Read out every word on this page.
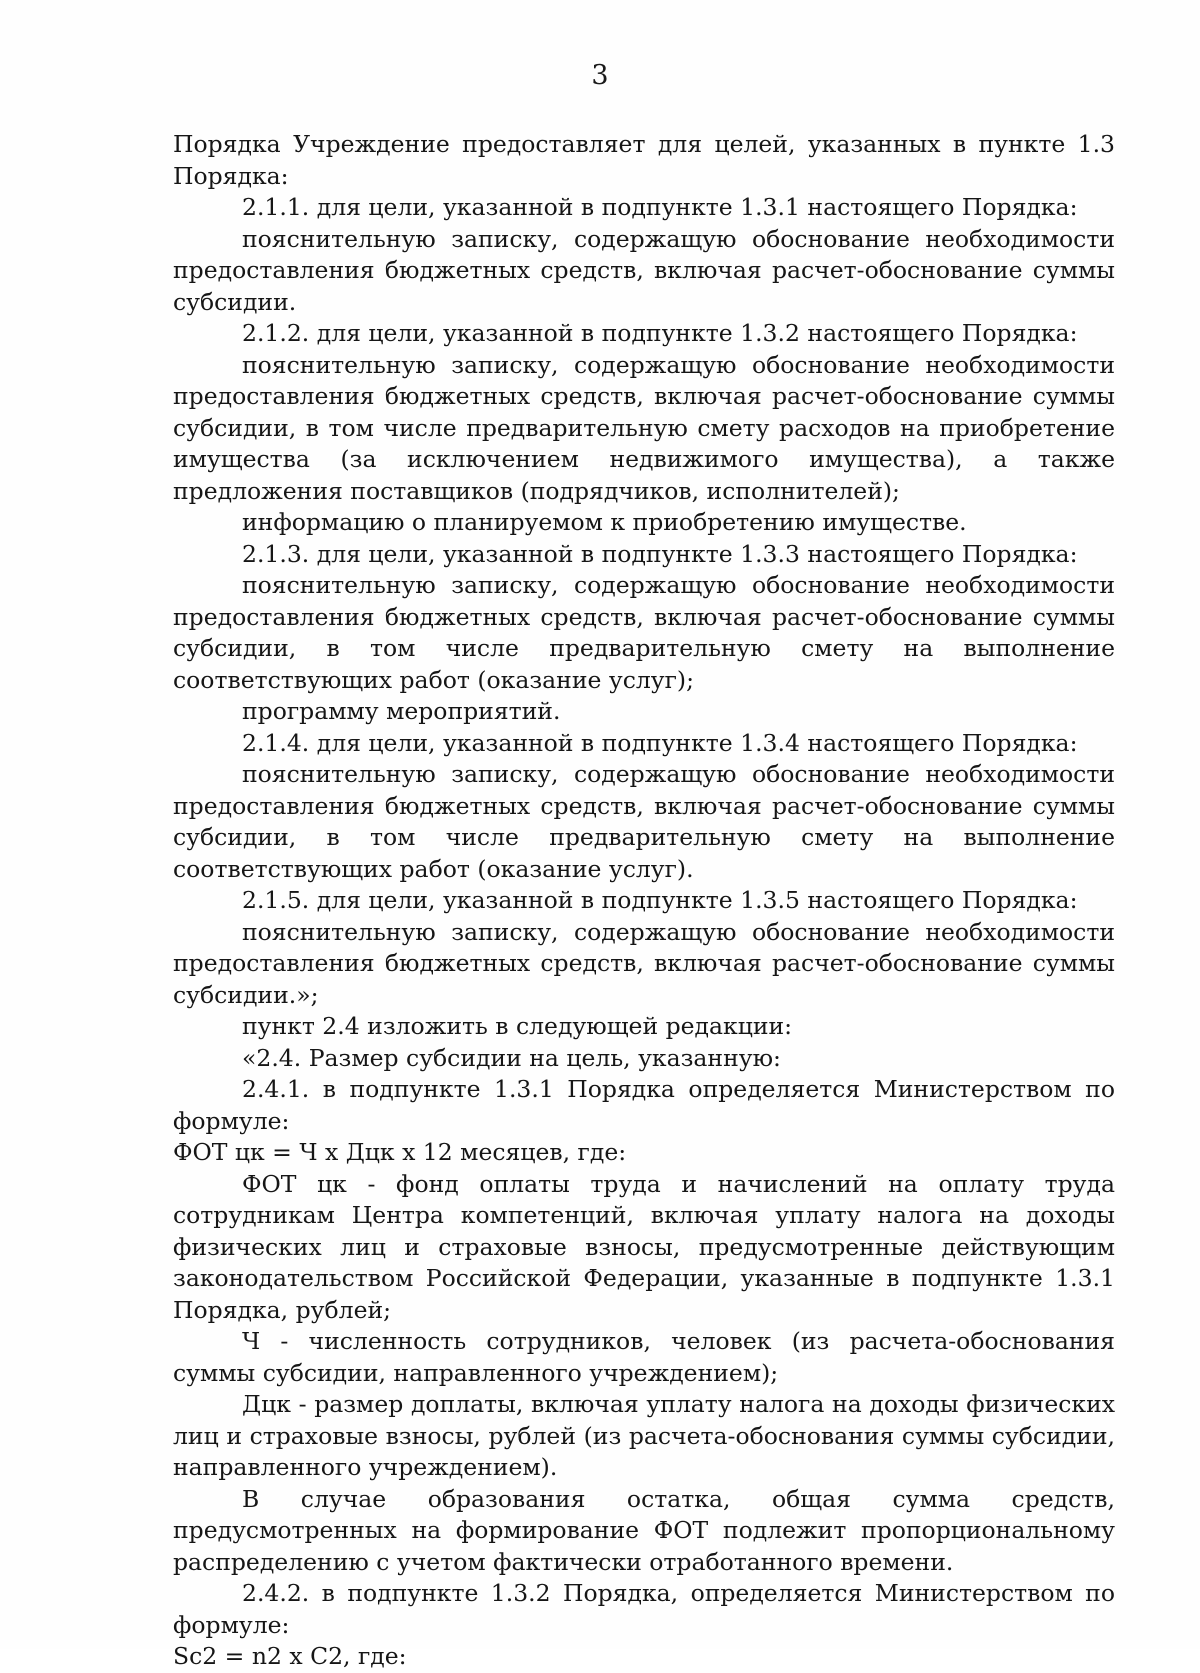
3

Порядка Учреждение предоставляет для целей, указанных в пункте 1.3 Порядка:

2.1.1. для цели, указанной в подпункте 1.3.1 настоящего Порядка:

пояснительную записку, содержащую обоснование необходимости предоставления бюджетных средств, включая расчет-обоснование суммы субсидии.

2.1.2. для цели, указанной в подпункте 1.3.2 настоящего Порядка:

пояснительную записку, содержащую обоснование необходимости предоставления бюджетных средств, включая расчет-обоснование суммы субсидии, в том числе предварительную смету расходов на приобретение имущества (за исключением недвижимого имущества), а также предложения поставщиков (подрядчиков, исполнителей);

информацию о планируемом к приобретению имуществе.

2.1.3. для цели, указанной в подпункте 1.3.3 настоящего Порядка:

пояснительную записку, содержащую обоснование необходимости предоставления бюджетных средств, включая расчет-обоснование суммы субсидии, в том числе предварительную смету на выполнение соответствующих работ (оказание услуг);

программу мероприятий.

2.1.4. для цели, указанной в подпункте 1.3.4 настоящего Порядка:

пояснительную записку, содержащую обоснование необходимости предоставления бюджетных средств, включая расчет-обоснование суммы субсидии, в том числе предварительную смету на выполнение соответствующих работ (оказание услуг).

2.1.5. для цели, указанной в подпункте 1.3.5 настоящего Порядка:

пояснительную записку, содержащую обоснование необходимости предоставления бюджетных средств, включая расчет-обоснование суммы субсидии.»;

пункт 2.4 изложить в следующей редакции:

«2.4. Размер субсидии на цель, указанную:

2.4.1. в подпункте 1.3.1 Порядка определяется Министерством по формуле:

ФОТ цк = Ч x Дцк x 12 месяцев, где:

ФОТ цк - фонд оплаты труда и начислений на оплату труда сотрудникам Центра компетенций, включая уплату налога на доходы физических лиц и страховые взносы, предусмотренные действующим законодательством Российской Федерации, указанные в подпункте 1.3.1 Порядка, рублей;

Ч - численность сотрудников, человек (из расчета-обоснования суммы субсидии, направленного учреждением);

Дцк - размер доплаты, включая уплату налога на доходы физических лиц и страховые взносы, рублей (из расчета-обоснования суммы субсидии, направленного учреждением).

В случае образования остатка, общая сумма средств, предусмотренных на формирование ФОТ подлежит пропорциональному распределению с учетом фактически отработанного времени.

2.4.2. в подпункте 1.3.2 Порядка, определяется Министерством по формуле:

Sc2 = n2 x C2, где:
